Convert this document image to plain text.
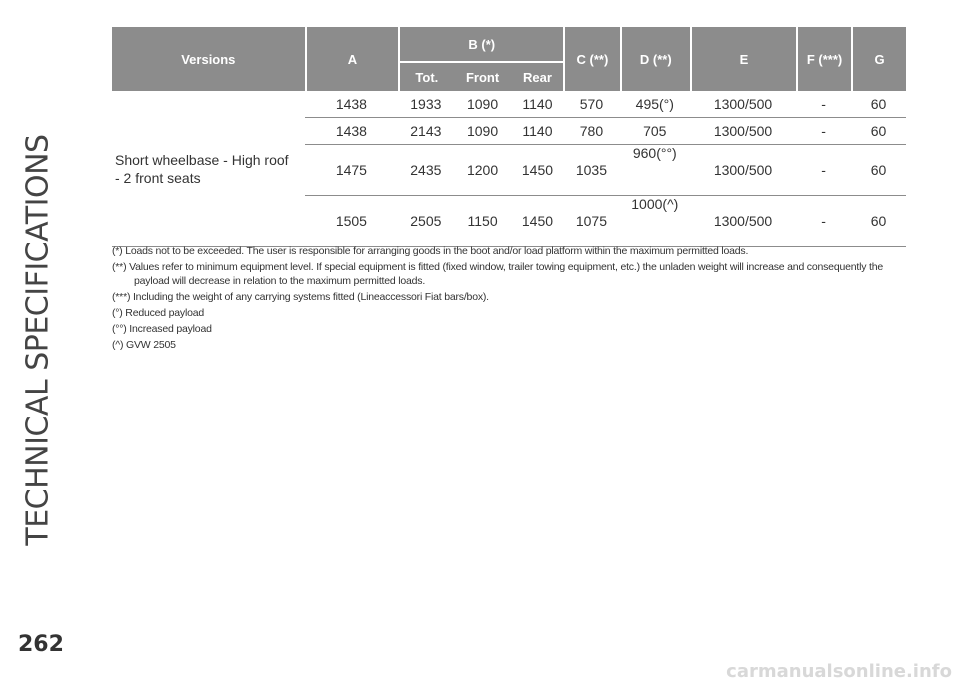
TECHNICAL SPECIFICATIONS
Versions	A	B (*)			C (**)	D (**)	E	F (***)	G
		Tot.	Front	Rear					
Short wheelbase - High roof - 2 front seats	1438	1933	1090	1140	570	495(°)	1300/500	-	60
	1438	2143	1090	1140	780	705	1300/500	-	60
	1475	2435	1200	1450	1035	960(°°)	1300/500	-	60
	1505	2505	1150	1450	1075	1000(^)	1300/500	-	60

(*) Loads not to be exceeded. The user is responsible for arranging goods in the boot and/or load platform within the maximum permitted loads.

(**) Values refer to minimum equipment level. If special equipment is fitted (fixed window, trailer towing equipment, etc.) the unladen weight will increase and consequently the payload will decrease in relation to the maximum permitted loads.

(***) Including the weight of any carrying systems fitted (Lineaccessori Fiat bars/box).

(°) Reduced payload

(°°) Increased payload

(^) GVW 2505

262
carmanualsonline.info
